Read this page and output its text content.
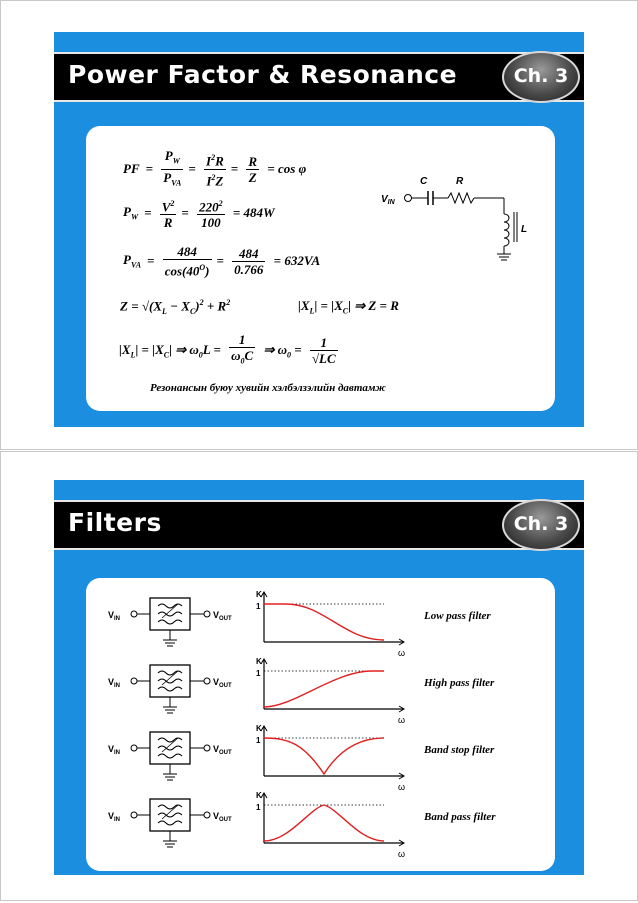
Power Factor & Resonance	Ch. 3
PF = $\frac{P_W}{P_{VA}} = \frac{I^2R}{I^2Z} = \frac{R}{Z} = \cos \varphi$
$P_W = \frac{V^2}{R} = \frac{220^2}{100} = 484W$
$P_{VA} = \frac{484}{\cos(40^O)} = \frac{484}{0.766} = 632VA$
$Z = √(X_L - X_C)^2 + R^2$	$|X_L| = |X_C|$ ⇒ Z = R
$|X_L| = |X_C|$ ⇒ $\omega_0L = \frac{1}{\omega_0C}$ ⇒ $\omega_0 = \frac{1}{√LC}$
$V_{IN}$
C	R
L
Резонансын буюу хувийн хэлбэлзэлийн давтамж
Filters	Ch. 3
$V_{IN}$	$V_{OUT}$
K
1
ω
Low pass filter
$V_{IN}$	$V_{OUT}$
K
1
ω
High pass filter
$V_{IN}$	$V_{OUT}$
K
1
ω
Band stop filter
$V_{IN}$	$V_{OUT}$
K
1
ω
Band pass filter
